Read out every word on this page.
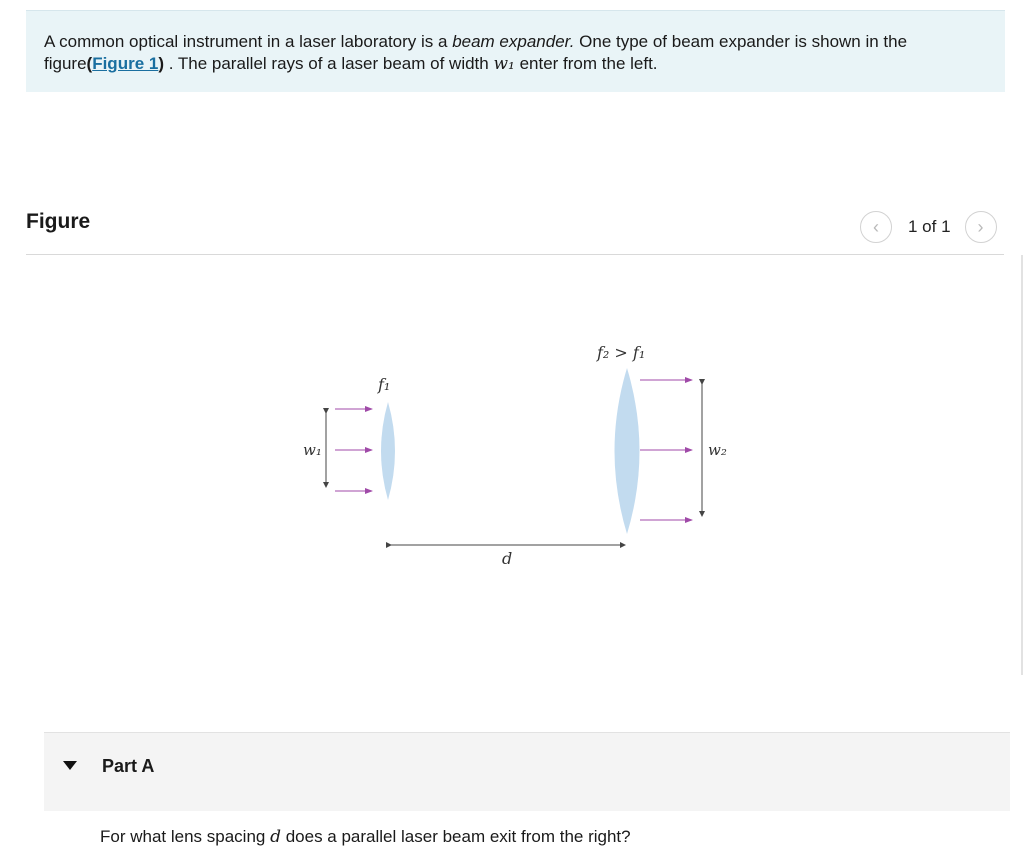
A common optical instrument in a laser laboratory is a beam expander. One type of beam expander is shown in the figure(Figure 1) . The parallel rays of a laser beam of width w₁ enter from the left.
Figure	‹ 1 of 1 ›
f₁
f₂ > f₁
w₁	w₂
d
Part A
For what lens spacing d does a parallel laser beam exit from the right?
